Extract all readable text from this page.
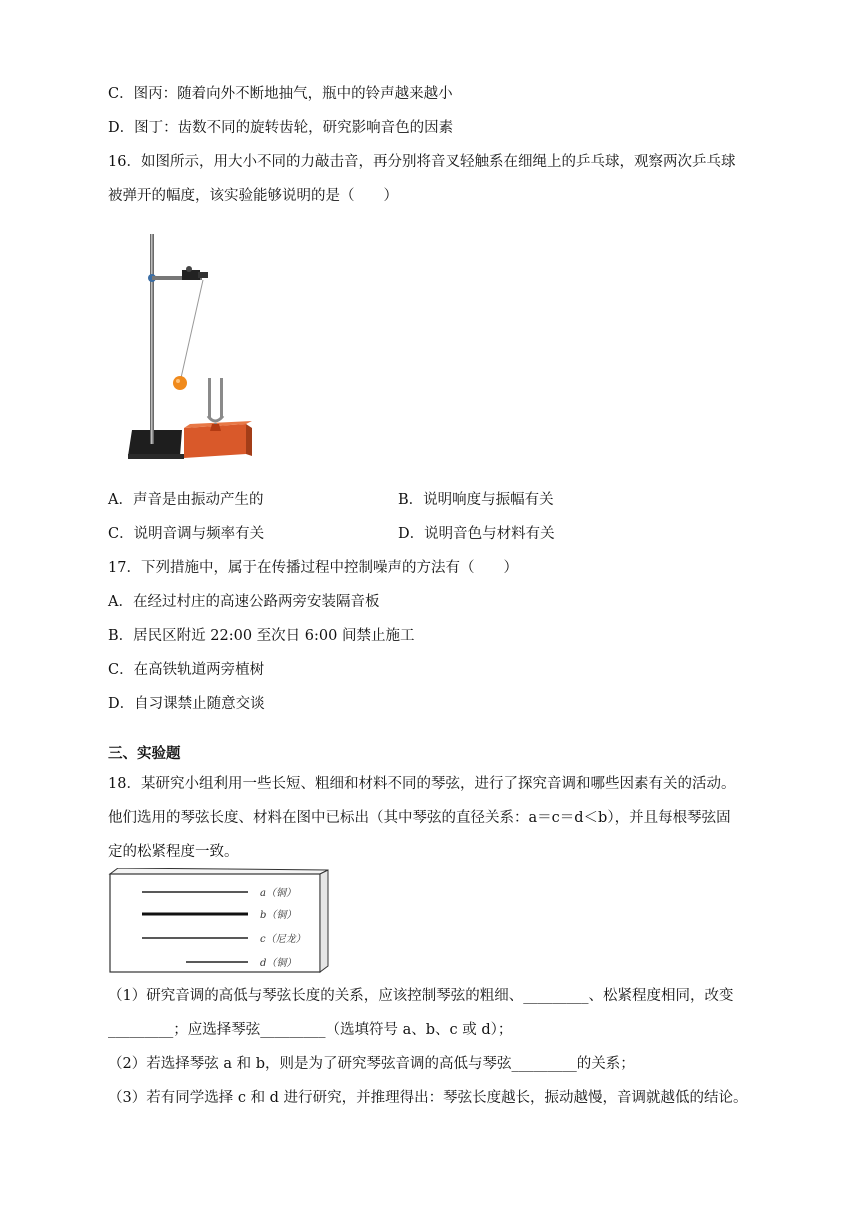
C．图丙：随着向外不断地抽气，瓶中的铃声越来越小
D．图丁：齿数不同的旋转齿轮，研究影响音色的因素
16．如图所示，用大小不同的力敲击音，再分别将音叉轻触系在细绳上的乒乓球，观察两次乒乓球
被弹开的幅度，该实验能够说明的是（　　）
A．声音是由振动产生的	B．说明响度与振幅有关
C．说明音调与频率有关	D．说明音色与材料有关
17．下列措施中，属于在传播过程中控制噪声的方法有（　　）
A．在经过村庄的高速公路两旁安装隔音板
B．居民区附近 22:00 至次日 6:00 间禁止施工
C．在高铁轨道两旁植树
D．自习课禁止随意交谈
三、实验题
18．某研究小组利用一些长短、粗细和材料不同的琴弦，进行了探究音调和哪些因素有关的活动。
他们选用的琴弦长度、材料在图中已标出（其中琴弦的直径关系：a＝c＝d＜b），并且每根琴弦固
定的松紧程度一致。
a（铜）
b（铜）
c（尼龙）
d（铜）
（1）研究音调的高低与琴弦长度的关系，应该控制琴弦的粗细、_________、松紧程度相同，改变
_________；应选择琴弦_________（选填符号 a、b、c 或 d）；
（2）若选择琴弦 a 和 b，则是为了研究琴弦音调的高低与琴弦_________的关系；
（3）若有同学选择 c 和 d 进行研究，并推理得出：琴弦长度越长，振动越慢，音调就越低的结论。
